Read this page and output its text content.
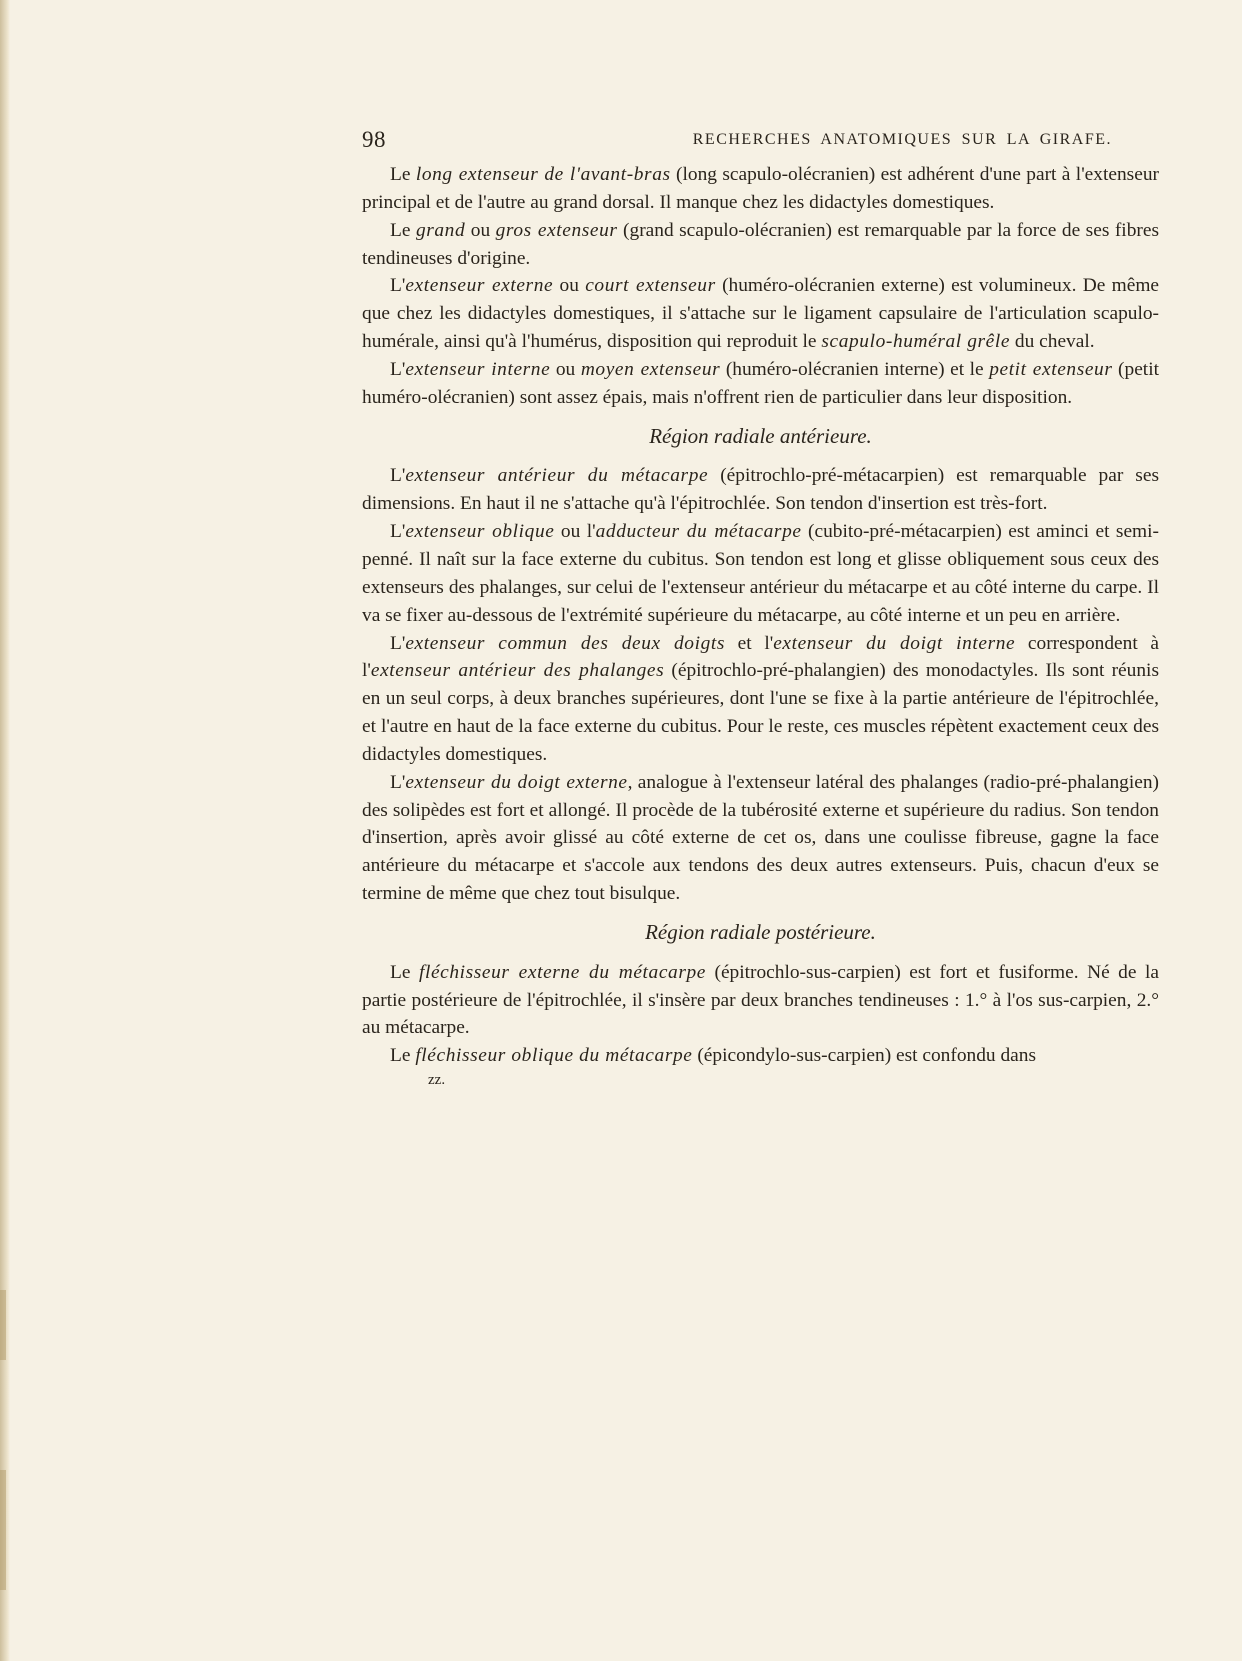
98	RECHERCHES ANATOMIQUES SUR LA GIRAFE.

Le long extenseur de l'avant-bras (long scapulo-olécranien) est adhérent d'une part à l'extenseur principal et de l'autre au grand dorsal. Il manque chez les didactyles domestiques.

Le grand ou gros extenseur (grand scapulo-olécranien) est remarquable par la force de ses fibres tendineuses d'origine.

L'extenseur externe ou court extenseur (huméro-olécranien externe) est volumineux. De même que chez les didactyles domestiques, il s'attache sur le ligament capsulaire de l'articulation scapulo-humérale, ainsi qu'à l'humérus, disposition qui reproduit le scapulo-huméral grêle du cheval.

L'extenseur interne ou moyen extenseur (huméro-olécranien interne) et le petit extenseur (petit huméro-olécranien) sont assez épais, mais n'offrent rien de particulier dans leur disposition.

Région radiale antérieure.

L'extenseur antérieur du métacarpe (épitrochlo-pré-métacarpien) est remarquable par ses dimensions. En haut il ne s'attache qu'à l'épitrochlée. Son tendon d'insertion est très-fort.

L'extenseur oblique ou l'adducteur du métacarpe (cubito-pré-métacarpien) est aminci et semi-penné. Il naît sur la face externe du cubitus. Son tendon est long et glisse obliquement sous ceux des extenseurs des phalanges, sur celui de l'extenseur antérieur du métacarpe et au côté interne du carpe. Il va se fixer au-dessous de l'extrémité supérieure du métacarpe, au côté interne et un peu en arrière.

L'extenseur commun des deux doigts et l'extenseur du doigt interne correspondent à l'extenseur antérieur des phalanges (épitrochlo-pré-phalangien) des monodactyles. Ils sont réunis en un seul corps, à deux branches supérieures, dont l'une se fixe à la partie antérieure de l'épitrochlée, et l'autre en haut de la face externe du cubitus. Pour le reste, ces muscles répètent exactement ceux des didactyles domestiques.

L'extenseur du doigt externe, analogue à l'extenseur latéral des phalanges (radio-pré-phalangien) des solipèdes est fort et allongé. Il procède de la tubérosité externe et supérieure du radius. Son tendon d'insertion, après avoir glissé au côté externe de cet os, dans une coulisse fibreuse, gagne la face antérieure du métacarpe et s'accole aux tendons des deux autres extenseurs. Puis, chacun d'eux se termine de même que chez tout bisulque.

Région radiale postérieure.

Le fléchisseur externe du métacarpe (épitrochlo-sus-carpien) est fort et fusiforme. Né de la partie postérieure de l'épitrochlée, il s'insère par deux branches tendineuses : 1.° à l'os sus-carpien, 2.° au métacarpe.

Le fléchisseur oblique du métacarpe (épicondylo-sus-carpien) est confondu dans

zz.
